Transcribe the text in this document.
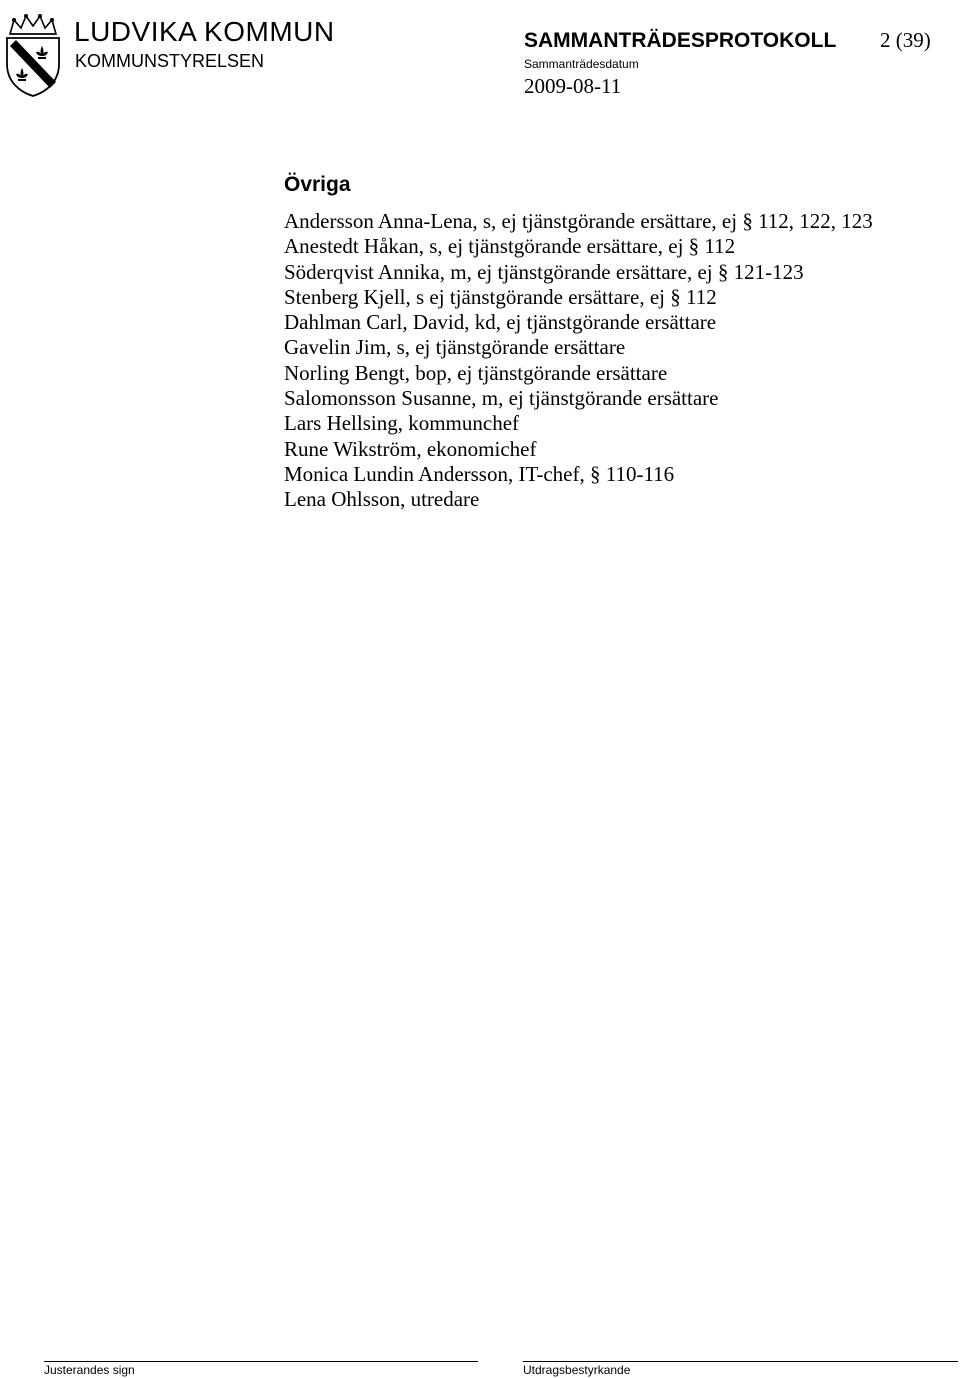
LUDVIKA KOMMUN
KOMMUNSTYRELSEN
SAMMANTRÄDESPROTOKOLL 2 (39)
Sammanträdesdatum
2009-08-11
Övriga
Andersson Anna-Lena, s, ej tjänstgörande ersättare, ej § 112, 122, 123
Anestedt Håkan, s, ej tjänstgörande ersättare, ej § 112
Söderqvist Annika, m, ej tjänstgörande ersättare, ej § 121-123
Stenberg Kjell, s ej tjänstgörande ersättare, ej § 112
Dahlman Carl, David, kd, ej tjänstgörande ersättare
Gavelin Jim, s, ej tjänstgörande ersättare
Norling Bengt, bop, ej tjänstgörande ersättare
Salomonsson Susanne, m, ej tjänstgörande ersättare
Lars Hellsing, kommunchef
Rune Wikström, ekonomichef
Monica Lundin Andersson, IT-chef, § 110-116
Lena Ohlsson, utredare
Justerandes sign	Utdragsbestyrkande
